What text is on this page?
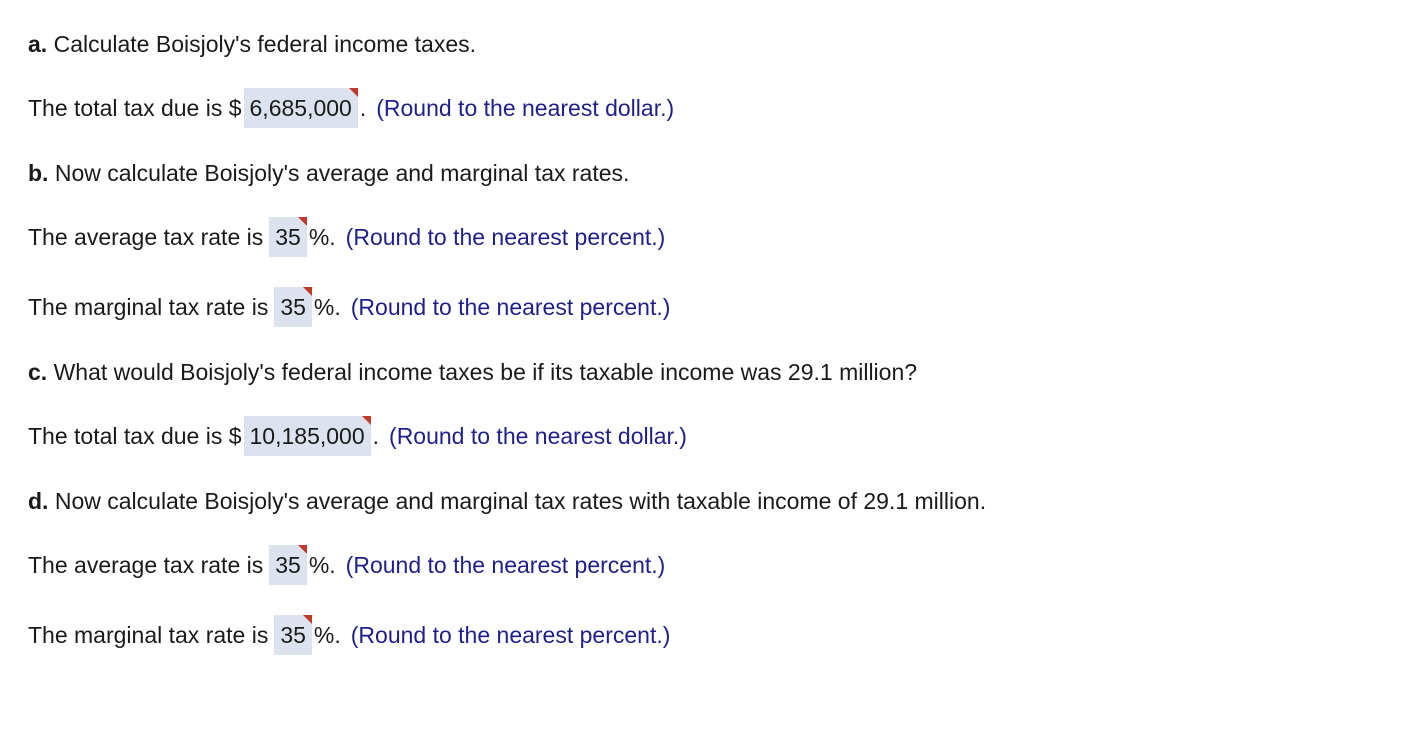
a. Calculate Boisjoly's federal income taxes.
The total tax due is $ 6,685,000 . (Round to the nearest dollar.)
b. Now calculate Boisjoly's average and marginal tax rates.
The average tax rate is 35 %. (Round to the nearest percent.)
The marginal tax rate is 35 %. (Round to the nearest percent.)
c. What would Boisjoly's federal income taxes be if its taxable income was 29.1 million?
The total tax due is $ 10,185,000 . (Round to the nearest dollar.)
d. Now calculate Boisjoly's average and marginal tax rates with taxable income of 29.1 million.
The average tax rate is 35 %. (Round to the nearest percent.)
The marginal tax rate is 35 %. (Round to the nearest percent.)
